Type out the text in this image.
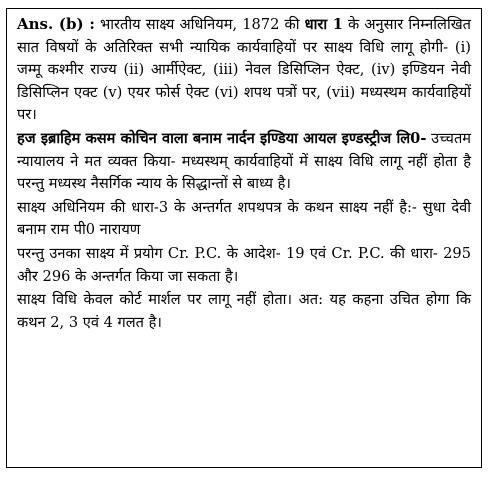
Ans. (b) : भारतीय साक्ष्य अधिनियम, 1872 की धारा 1 के अनुसार निम्नलिखित सात विषयों के अतिरिक्त सभी न्यायिक कार्यवाहियों पर साक्ष्य विधि लागू होगी- (i) जम्मू कश्मीर राज्य (ii) आर्मीऐक्ट, (iii) नेवल डिसिप्लिन ऐक्ट, (iv) इण्डियन नेवी डिसिप्लिन एक्ट (v) एयर फोर्स ऐक्ट (vi) शपथ पत्रों पर, (vii) मध्यस्थम कार्यवाहियों पर।

हज इब्राहिम कसम कोचिन वाला बनाम नार्दन इण्डिया आयल इण्डस्ट्रीज लि0- उच्चतम न्यायालय ने मत व्यक्त किया- मध्यस्थम् कार्यवाहियों में साक्ष्य विधि लागू नहीं होता है परन्तु मध्यस्थ नैसर्गिक न्याय के सिद्धान्तों से बाध्य है।

साक्ष्य अधिनियम की धारा-3 के अन्तर्गत शपथपत्र के कथन साक्ष्य नहीं है:- सुधा देवी बनाम राम पी0 नारायण

परन्तु उनका साक्ष्य में प्रयोग Cr. P.C. के आदेश- 19 एवं Cr. P.C. की धारा- 295 और 296 के अन्तर्गत किया जा सकता है।

साक्ष्य विधि केवल कोर्ट मार्शल पर लागू नहीं होता। अत: यह कहना उचित होगा कि कथन 2, 3 एवं 4 गलत है।
